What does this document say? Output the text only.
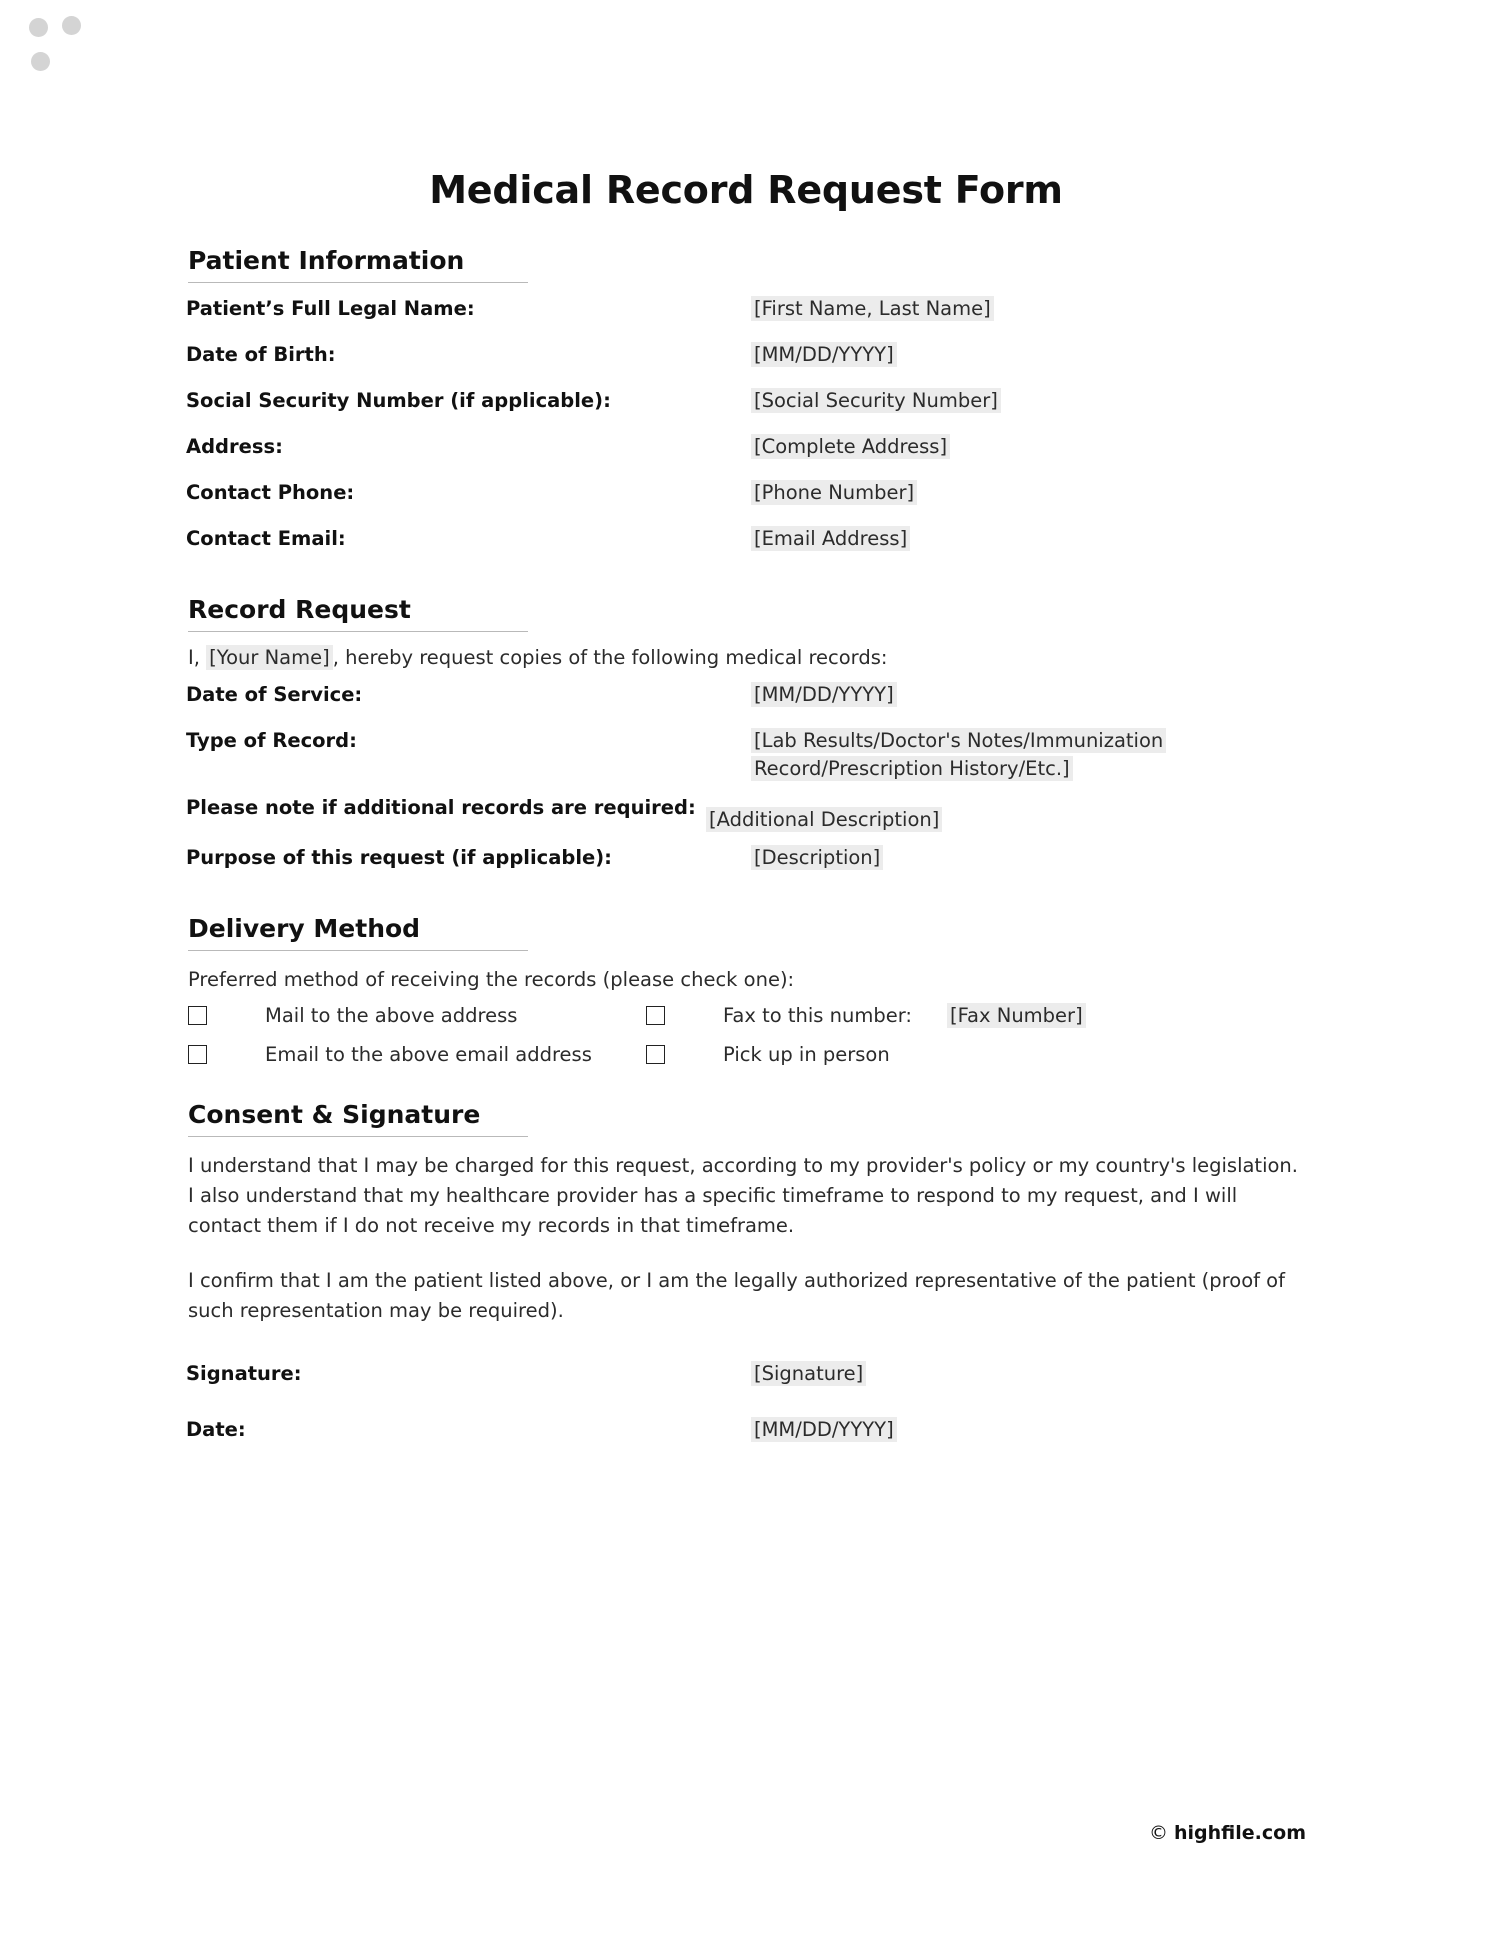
Medical Record Request Form
Patient Information
Patient’s Full Legal Name:	[First Name, Last Name]
Date of Birth:	[MM/DD/YYYY]
Social Security Number (if applicable):	[Social Security Number]
Address:	[Complete Address]
Contact Phone:	[Phone Number]
Contact Email:	[Email Address]
Record Request
I, [Your Name] , hereby request copies of the following medical records:
Date of Service:	[MM/DD/YYYY]
Type of Record:	[Lab Results/Doctor's Notes/Immunization Record/Prescription History/Etc.]
Please note if additional records are required:
[Additional Description]
Purpose of this request (if applicable):	[Description]
Delivery Method
Preferred method of receiving the records (please check one):
Mail to the above address	Fax to this number: [Fax Number]
Email to the above email address	Pick up in person
Consent & Signature
I understand that I may be charged for this request, according to my provider's policy or my country's legislation. I also understand that my healthcare provider has a specific timeframe to respond to my request, and I will contact them if I do not receive my records in that timeframe.
I confirm that I am the patient listed above, or I am the legally authorized representative of the patient (proof of such representation may be required).
Signature:	[Signature]
Date:	[MM/DD/YYYY]
© highfile.com
